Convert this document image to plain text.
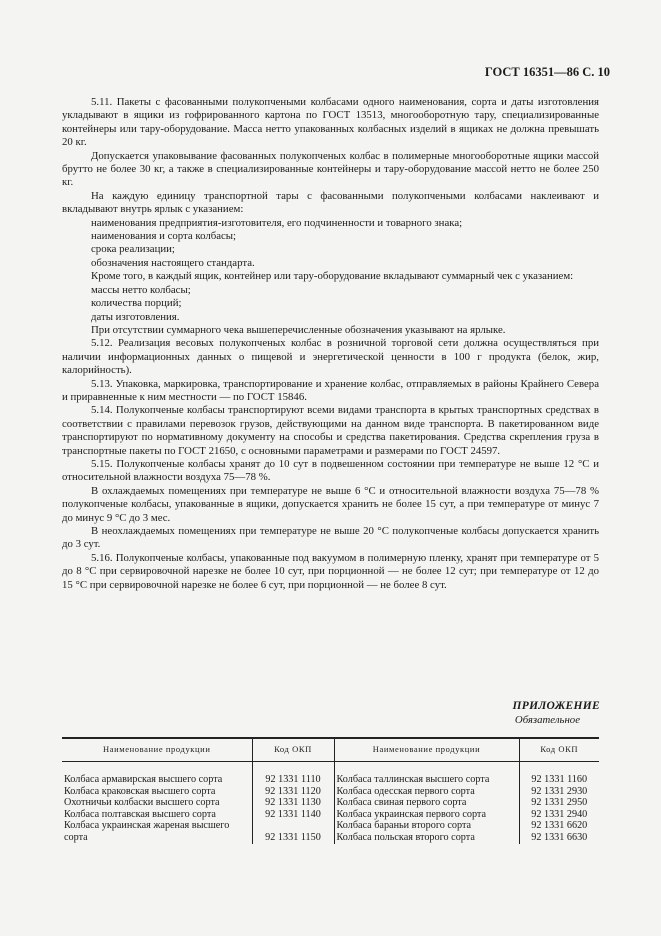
ГОСТ 16351—86 С. 10

5.11. Пакеты с фасованными полукопчеными колбасами одного наименования, сорта и даты изготовления укладывают в ящики из гофрированного картона по ГОСТ 13513, многооборотную тару, специализированные контейнеры или тару-оборудование. Масса нетто упакованных колбасных изделий в ящиках не должна превышать 20 кг.

Допускается упаковывание фасованных полукопченых колбас в полимерные многооборотные ящики массой брутто не более 30 кг, а также в специализированные контейнеры и тару-оборудование массой нетто не более 250 кг.

На каждую единицу транспортной тары с фасованными полукопчеными колбасами наклеивают и вкладывают внутрь ярлык с указанием:

наименования предприятия-изготовителя, его подчиненности и товарного знака;

наименования и сорта колбасы;

срока реализации;

обозначения настоящего стандарта.

Кроме того, в каждый ящик, контейнер или тару-оборудование вкладывают суммарный чек с указанием:

массы нетто колбасы;

количества порций;

даты изготовления.

При отсутствии суммарного чека вышеперечисленные обозначения указывают на ярлыке.

5.12. Реализация весовых полукопченых колбас в розничной торговой сети должна осуществлятьcя при наличии информационных данных о пищевой и энергетической ценности в 100 г продукта (белок, жир, калорийность).

5.13. Упаковка, маркировка, транспортирование и хранение колбас, отправляемых в районы Крайнего Севера и приравненные к ним местности — по ГОСТ 15846.

5.14. Полукопченые колбасы транспортируют всеми видами транспорта в крытых транспортных средствах в соответствии с правилами перевозок грузов, действующими на данном виде транспорта. В пакетированном виде транспортируют по нормативному документу на способы и средства пакетирования. Средства скрепления груза в транспортные пакеты по ГОСТ 21650, с основными параметрами и размерами по ГОСТ 24597.

5.15. Полукопченые колбасы хранят до 10 сут в подвешенном состоянии при температуре не выше 12 °С и относительной влажности воздуха 75—78 %.

В охлаждаемых помещениях при температуре не выше 6 °С и относительной влажности воздуха 75—78 % полукопченые колбасы, упакованные в ящики, допускается хранить не более 15 сут, а при температуре от минус 7 до минус 9 °С до 3 мес.

В неохлаждаемых помещениях при температуре не выше 20 °С полукопченые колбасы допускается хранить до 3 сут.

5.16. Полукопченые колбасы, упакованные под вакуумом в полимерную пленку, хранят при температуре от 5 до 8 °С при сервировочной нарезке не более 10 сут, при порционной — не более 12 сут; при температуре от 12 до 15 °С при сервировочной нарезке не более 6 сут, при порционной — не более 8 сут.

ПРИЛОЖЕНИЕ
Обязательное
Наименование продукции	Код ОКП	Наименование продукции	Код ОКП
Колбаса армавирская высшего сорта	92 1331 1110	Колбаса таллинская высшего сорта	92 1331 1160
Колбаса краковская высшего сорта	92 1331 1120	Колбаса одесская первого сорта	92 1331 2930
Охотничьи колбаски высшего сорта	92 1331 1130	Колбаса свиная первого сорта	92 1331 2950
Колбаса полтавская высшего сорта	92 1331 1140	Колбаса украинская первого сорта	92 1331 2940
Колбаса украинская жареная высшего сорта	92 1331 1150	Колбаса бараньи второго сорта	92 1331 6620
		Колбаса польская второго сорта	92 1331 6630
